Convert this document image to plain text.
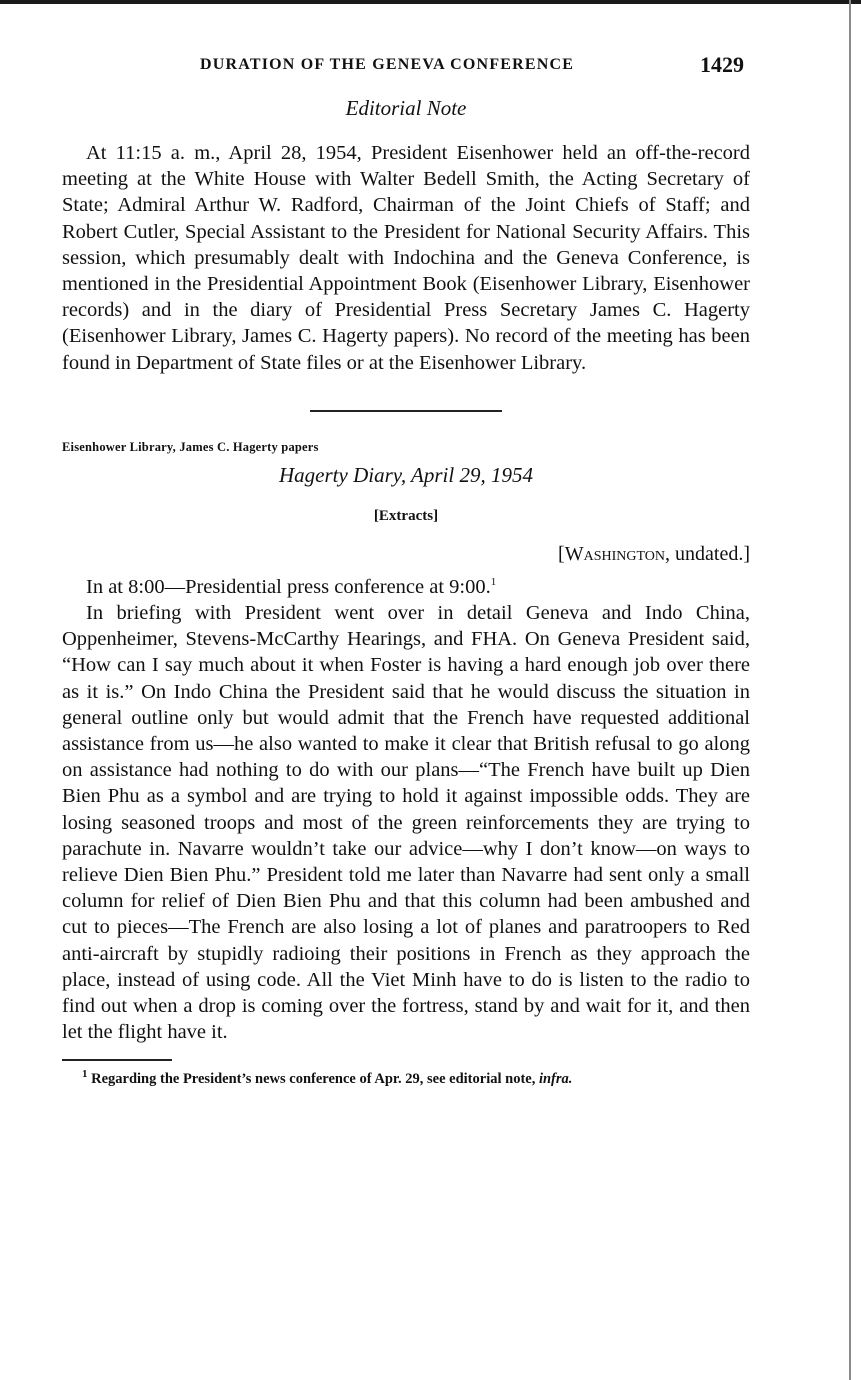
DURATION OF THE GENEVA CONFERENCE	1429
Editorial Note

At 11:15 a. m., April 28, 1954, President Eisenhower held an off-the-record meeting at the White House with Walter Bedell Smith, the Acting Secretary of State; Admiral Arthur W. Radford, Chairman of the Joint Chiefs of Staff; and Robert Cutler, Special Assistant to the President for National Security Affairs. This session, which presumably dealt with Indochina and the Geneva Conference, is mentioned in the Presidential Appointment Book (Eisenhower Library, Eisenhower records) and in the diary of Presidential Press Secretary James C. Hagerty (Eisenhower Library, James C. Hagerty papers). No record of the meeting has been found in Department of State files or at the Eisenhower Library.

Eisenhower Library, James C. Hagerty papers
Hagerty Diary, April 29, 1954
[Extracts]
[Washington, undated.]

In at 8:00—Presidential press conference at 9:00.$^1$

In briefing with President went over in detail Geneva and Indo China, Oppenheimer, Stevens-McCarthy Hearings, and FHA. On Geneva President said, “How can I say much about it when Foster is having a hard enough job over there as it is.” On Indo China the President said that he would discuss the situation in general outline only but would admit that the French have requested additional assistance from us—he also wanted to make it clear that British refusal to go along on assistance had nothing to do with our plans—“The French have built up Dien Bien Phu as a symbol and are trying to hold it against impossible odds. They are losing seasoned troops and most of the green reinforcements they are trying to parachute in. Navarre wouldn’t take our advice—why I don’t know—on ways to relieve Dien Bien Phu.” President told me later than Navarre had sent only a small column for relief of Dien Bien Phu and that this column had been ambushed and cut to pieces—The French are also losing a lot of planes and paratroopers to Red anti-aircraft by stupidly radioing their positions in French as they approach the place, instead of using code. All the Viet Minh have to do is listen to the radio to find out when a drop is coming over the fortress, stand by and wait for it, and then let the flight have it.

$^1$ Regarding the President’s news conference of Apr. 29, see editorial note, infra.
